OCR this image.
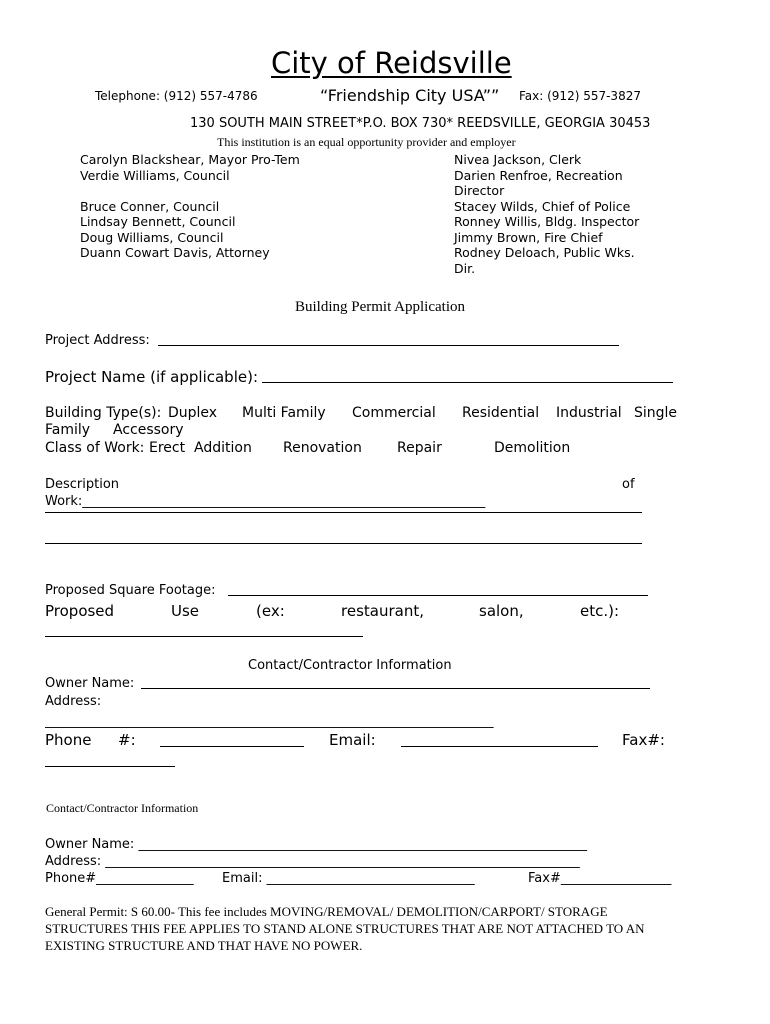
City of Reidsville
Telephone: (912) 557-4786	“Friendship City USA”” Fax: (912) 557-3827
130 SOUTH MAIN STREET*P.O. BOX 730* REEDSVILLE, GEORGIA 30453
This institution is an equal opportunity provider and employer
Carolyn Blackshear, Mayor Pro-Tem
Verdie Williams, Council

Bruce Conner, Council
Lindsay Bennett, Council
Doug Williams, Council
Duann Cowart Davis, Attorney
Nivea Jackson, Clerk
Darien Renfroe, Recreation
Director
Stacey Wilds, Chief of Police
Ronney Willis, Bldg. Inspector
Jimmy Brown, Fire Chief
Rodney Deloach, Public Wks.
Dir.
Building Permit Application
Project Address:
Project Name (if applicable):
Building Type(s): Duplex Multi Family Commercial Residential Industrial Single
Family Accessory
Class of Work: Erect Addition Renovation	Repair	Demolition
Description	of
Work:______________________________________________________________
Proposed Square Footage:
Proposed	Use	(ex:	restaurant,	salon,	etc.):
Contact/Contractor Information
Owner Name:
Address:
_____________________________________________________________________
Phone #:	Email:	Fax#:
Contact/Contractor Information
Owner Name: _____________________________________________________________________
Address: _________________________________________________________________________
Phone#_______________ Email: ________________________________	Fax#_________________
General Permit: S 60.00- This fee includes MOVING/REMOVAL/ DEMOLITION/CARPORT/ STORAGE
STRUCTURES THIS FEE APPLIES TO STAND ALONE STRUCTURES THAT ARE NOT ATTACHED TO AN
EXISTING STRUCTURE AND THAT HAVE NO POWER.
